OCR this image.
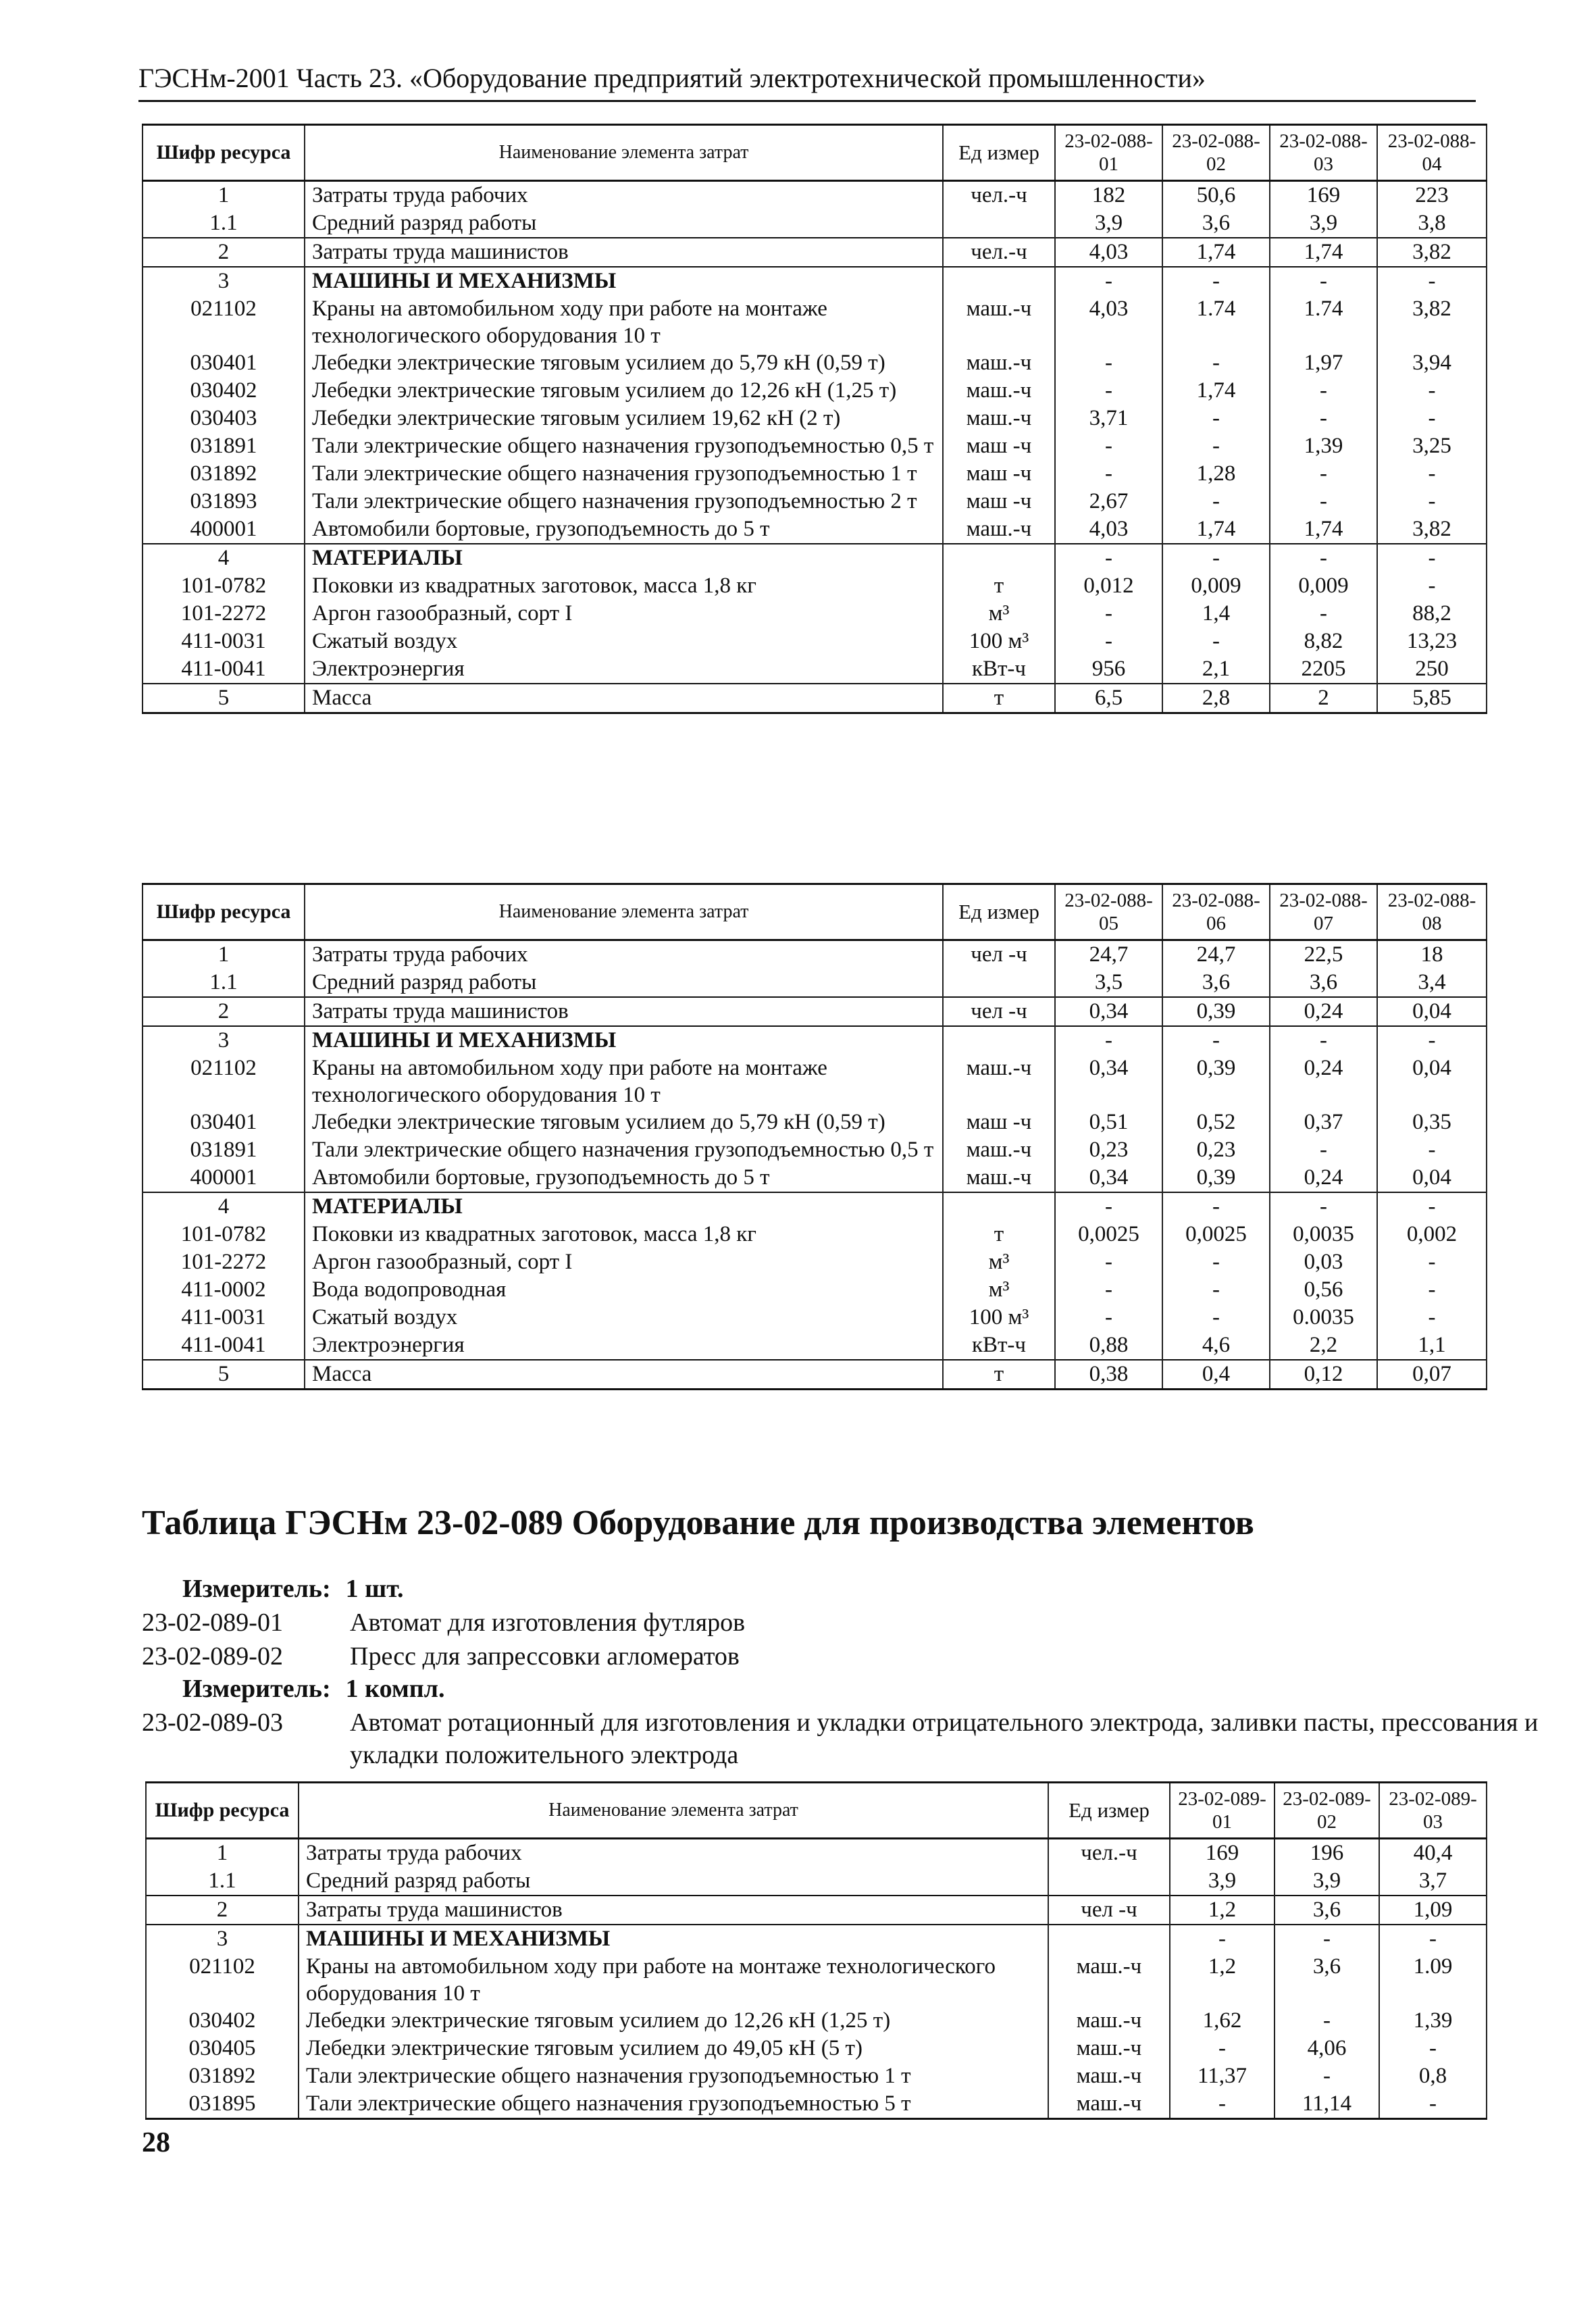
ГЭСНм-2001 Часть 23. «Оборудование предприятий электротехнической промышленности»
Шифр ресурса	Наименование элемента затрат	Ед измер	23-02-088-01	23-02-088-02	23-02-088-03	23-02-088-04
1	Затраты труда рабочих	чел.-ч	182	50,6	169	223
1.1	Средний разряд работы		3,9	3,6	3,9	3,8
2	Затраты труда машинистов	чел.-ч	4,03	1,74	1,74	3,82
3	МАШИНЫ И МЕХАНИЗМЫ		-	-	-	-
021102	Краны на автомобильном ходу при работе на монтаже технологического оборудования 10 т	маш.-ч	4,03	1.74	1.74	3,82
030401	Лебедки электрические тяговым усилием до 5,79 кН (0,59 т)	маш.-ч	-	-	1,97	3,94
030402	Лебедки электрические тяговым усилием до 12,26 кН (1,25 т)	маш.-ч	-	1,74	-	-
030403	Лебедки электрические тяговым усилием 19,62 кН (2 т)	маш.-ч	3,71	-	-	-
031891	Тали электрические общего назначения грузоподъемностью 0,5 т	маш -ч	-	-	1,39	3,25
031892	Тали электрические общего назначения грузоподъемностью 1 т	маш -ч	-	1,28	-	-
031893	Тали электрические общего назначения грузоподъемностью 2 т	маш -ч	2,67	-	-	-
400001	Автомобили бортовые, грузоподъемность до 5 т	маш.-ч	4,03	1,74	1,74	3,82
4	МАТЕРИАЛЫ		-	-	-	-
101-0782	Поковки из квадратных заготовок, масса 1,8 кг	т	0,012	0,009	0,009	-
101-2272	Аргон газообразный, сорт I	м³	-	1,4	-	88,2
411-0031	Сжатый воздух	100 м³	-	-	8,82	13,23
411-0041	Электроэнергия	кВт-ч	956	2,1	2205	250
5	Масса	т	6,5	2,8	2	5,85
Шифр ресурса	Наименование элемента затрат	Ед измер	23-02-088-05	23-02-088-06	23-02-088-07	23-02-088-08
1	Затраты труда рабочих	чел -ч	24,7	24,7	22,5	18
1.1	Средний разряд работы		3,5	3,6	3,6	3,4
2	Затраты труда машинистов	чел -ч	0,34	0,39	0,24	0,04
3	МАШИНЫ И МЕХАНИЗМЫ		-	-	-	-
021102	Краны на автомобильном ходу при работе на монтаже технологического оборудования 10 т	маш.-ч	0,34	0,39	0,24	0,04
030401	Лебедки электрические тяговым усилием до 5,79 кН (0,59 т)	маш -ч	0,51	0,52	0,37	0,35
031891	Тали электрические общего назначения грузоподъемностью 0,5 т	маш.-ч	0,23	0,23	-	-
400001	Автомобили бортовые, грузоподъемность до 5 т	маш.-ч	0,34	0,39	0,24	0,04
4	МАТЕРИАЛЫ		-	-	-	-
101-0782	Поковки из квадратных заготовок, масса 1,8 кг	т	0,0025	0,0025	0,0035	0,002
101-2272	Аргон газообразный, сорт I	м³	-	-	0,03	-
411-0002	Вода водопроводная	м³	-	-	0,56	-
411-0031	Сжатый воздух	100 м³	-	-	0.0035	-
411-0041	Электроэнергия	кВт-ч	0,88	4,6	2,2	1,1
5	Масса	т	0,38	0,4	0,12	0,07
Таблица ГЭСНм 23-02-089 Оборудование для производства элементов
Измеритель: 1 шт.
23-02-089-01	Автомат для изготовления футляров
23-02-089-02	Пресс для запрессовки агломератов
Измеритель: 1 компл.
23-02-089-03	Автомат ротационный для изготовления и укладки отрицательного электрода, заливки пасты, прессования и укладки положительного электрода
Шифр ресурса	Наименование элемента затрат	Ед измер	23-02-089-01	23-02-089-02	23-02-089-03
1	Затраты труда рабочих	чел.-ч	169	196	40,4
1.1	Средний разряд работы		3,9	3,9	3,7
2	Затраты труда машинистов	чел -ч	1,2	3,6	1,09
3	МАШИНЫ И МЕХАНИЗМЫ		-	-	-
021102	Краны на автомобильном ходу при работе на монтаже технологического оборудования 10 т	маш.-ч	1,2	3,6	1.09
030402	Лебедки электрические тяговым усилием до 12,26 кН (1,25 т)	маш.-ч	1,62	-	1,39
030405	Лебедки электрические тяговым усилием до 49,05 кН (5 т)	маш.-ч	-	4,06	-
031892	Тали электрические общего назначения грузоподъемностью 1 т	маш.-ч	11,37	-	0,8
031895	Тали электрические общего назначения грузоподъемностью 5 т	маш.-ч	-	11,14	-
28
